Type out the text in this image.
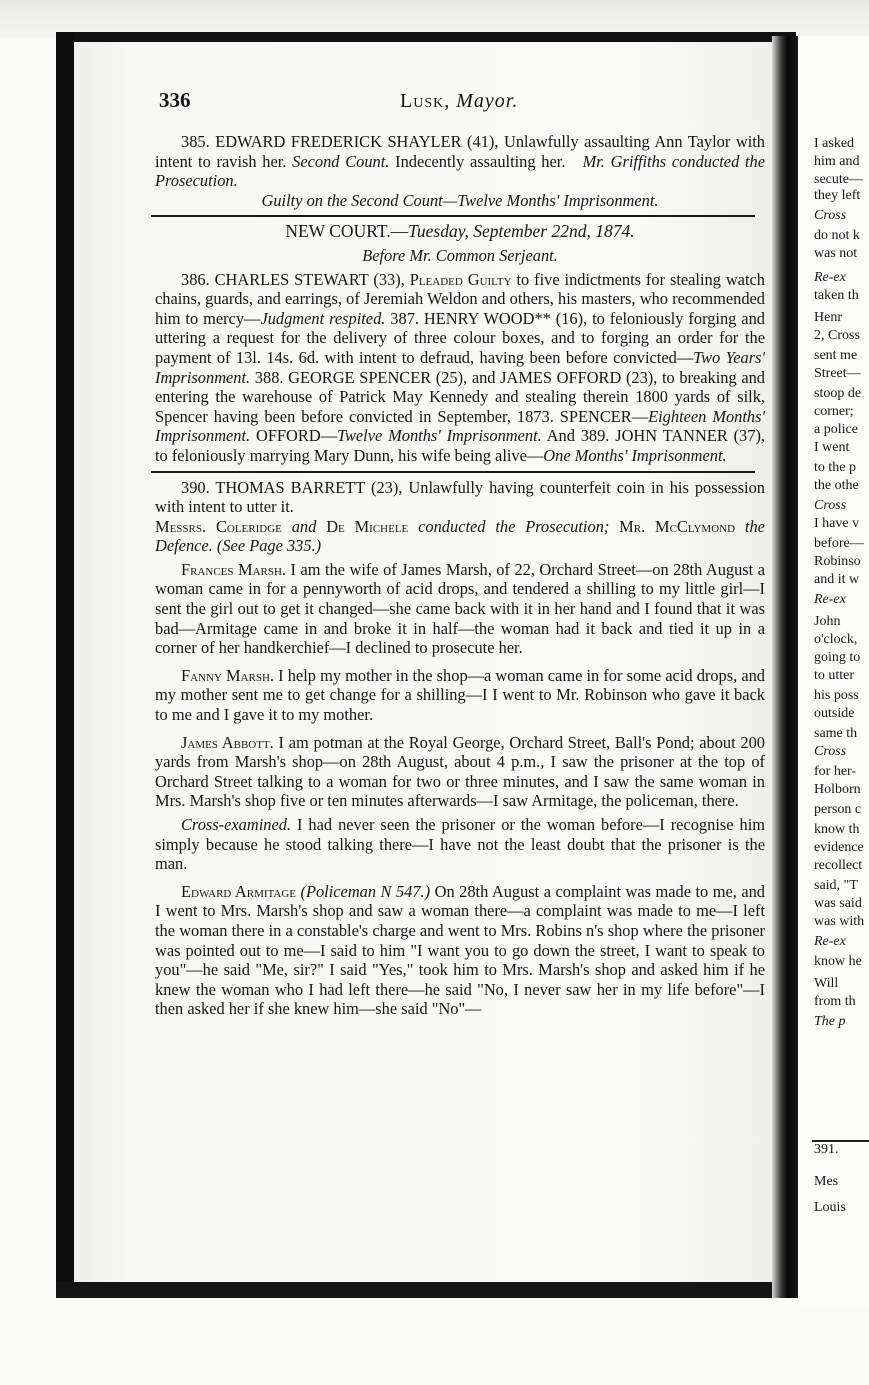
I asked
him and
secute—
they left
Cross
do not k
was not
Re-ex
taken th
Henr
2, Cross
sent me
Street—
stoop de
corner;
a police
I went
to the p
the othe
Cross
I have v
before—
Robinso
and it w
Re-ex
John
o'clock,
going to
to utter
his poss
outside
same th
Cross
for her-
Holborn
person c
know th
evidence
recollect
said, "T
was said
was with
Re-ex
know he
Will
from th
The p
391.
Mes
Louis
336	Lusk, Mayor.

385. EDWARD FREDERICK SHAYLER (41), Unlawfully assaulting Ann Taylor with intent to ravish her. Second Count. Indecently assaulting her. Mr. Griffiths conducted the Prosecution.

Guilty on the Second Count—Twelve Months' Imprisonment.

NEW COURT.—Tuesday, September 22nd, 1874.

Before Mr. Common Serjeant.

386. CHARLES STEWART (33), Pleaded Guilty to five indictments for stealing watch chains, guards, and earrings, of Jeremiah Weldon and others, his masters, who recommended him to mercy—Judgment respited. 387. HENRY WOOD** (16), to feloniously forging and uttering a request for the delivery of three colour boxes, and to forging an order for the payment of 13l. 14s. 6d. with intent to defraud, having been before convicted—Two Years' Imprisonment. 388. GEORGE SPENCER (25), and JAMES OFFORD (23), to breaking and entering the warehouse of Patrick May Kennedy and stealing therein 1800 yards of silk, Spencer having been before convicted in September, 1873. SPENCER—Eighteen Months' Imprisonment. OFFORD—Twelve Months' Imprisonment. And 389. JOHN TANNER (37), to feloniously marrying Mary Dunn, his wife being alive—One Months' Imprisonment.

390. THOMAS BARRETT (23), Unlawfully having counterfeit coin in his possession with intent to utter it.

Messrs. Coleridge and De Michele conducted the Prosecution; Mr. McClymond the Defence. (See Page 335.)

Frances Marsh. I am the wife of James Marsh, of 22, Orchard Street—on 28th August a woman came in for a pennyworth of acid drops, and tendered a shilling to my little girl—I sent the girl out to get it changed—she came back with it in her hand and I found that it was bad—Armitage came in and broke it in half—the woman had it back and tied it up in a corner of her handkerchief—I declined to prosecute her.

Fanny Marsh. I help my mother in the shop—a woman came in for some acid drops, and my mother sent me to get change for a shilling—I I went to Mr. Robinson who gave it back to me and I gave it to my mother.

James Abbott. I am potman at the Royal George, Orchard Street, Ball's Pond; about 200 yards from Marsh's shop—on 28th August, about 4 p.m., I saw the prisoner at the top of Orchard Street talking to a woman for two or three minutes, and I saw the same woman in Mrs. Marsh's shop five or ten minutes afterwards—I saw Armitage, the policeman, there.

Cross-examined. I had never seen the prisoner or the woman before—I recognise him simply because he stood talking there—I have not the least doubt that the prisoner is the man.

Edward Armitage (Policeman N 547.) On 28th August a complaint was made to me, and I went to Mrs. Marsh's shop and saw a woman there—a complaint was made to me—I left the woman there in a constable's charge and went to Mrs. Robins n's shop where the prisoner was pointed out to me—I said to him "I want you to go down the street, I want to speak to you"—he said "Me, sir?" I said "Yes," took him to Mrs. Marsh's shop and asked him if he knew the woman who I had left there—he said "No, I never saw her in my life before"—I then asked her if she knew him—she said "No"—
